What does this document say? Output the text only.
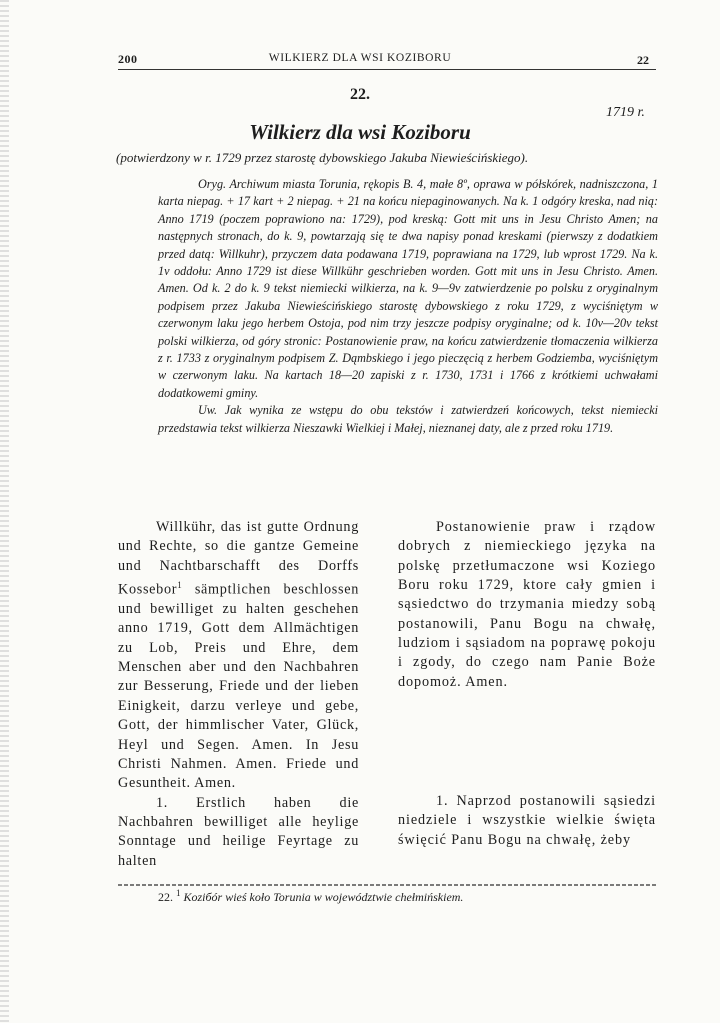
200	WILKIERZ DLA WSI KOZIBORU	22
22.
1719 r.
Wilkierz dla wsi Koziboru
(potwierdzony w r. 1729 przez starostę dybowskiego Jakuba Niewieścińskiego).

Oryg. Archiwum miasta Torunia, rękopis B. 4, małe 8º, oprawa w półskórek, nadniszczona, 1 karta niepag. + 17 kart + 2 niepag. + 21 na końcu niepaginowanych. Na k. 1 odgóry kreska, nad nią: Anno 1719 (poczem poprawiono na: 1729), pod kreską: Gott mit uns in Jesu Christo Amen; na następnych stronach, do k. 9, powtarzają się te dwa napisy ponad kreskami (pierwszy z dodatkiem przed datą: Willkuhr), przyczem data podawana 1719, poprawiana na 1729, lub wprost 1729. Na k. 1v oddołu: Anno 1729 ist diese Willkühr geschrieben worden. Gott mit uns in Jesu Christo. Amen. Amen. Od k. 2 do k. 9 tekst niemiecki wilkierza, na k. 9—9v zatwierdzenie po polsku z oryginalnym podpisem przez Jakuba Niewieścińskiego starostę dybowskiego z roku 1729, z wyciśniętym w czerwonym laku jego herbem Ostoja, pod nim trzy jeszcze podpisy oryginalne; od k. 10v—20v tekst polski wilkierza, od góry stronic: Postanowienie praw, na końcu zatwierdzenie tłomaczenia wilkierza z r. 1733 z oryginalnym podpisem Z. Dąmbskiego i jego pieczęcią z herbem Godziemba, wyciśniętym w czerwonym laku. Na kartach 18—20 zapiski z r. 1730, 1731 i 1766 z krótkiemi uchwałami dodatkowemi gminy.

Uw. Jak wynika ze wstępu do obu tekstów i zatwierdzeń końcowych, tekst niemiecki przedstawia tekst wilkierza Nieszawki Wielkiej i Małej, nieznanej daty, ale z przed roku 1719.

Willkühr, das ist gutte Ordnung und Rechte, so die gantze Gemeine und Nachtbarschafft des Dorffs Kossebor$^1$ sämptlichen beschlossen und bewilliget zu halten geschehen anno 1719, Gott dem Allmächtigen zu Lob, Preis und Ehre, dem Menschen aber und den Nachbahren zur Besserung, Friede und der lieben Einigkeit, darzu verleye und gebe, Gott, der himmlischer Vater, Glück, Heyl und Segen. Amen. In Jesu Christi Nahmen. Amen. Friede und Gesuntheit. Amen.

1. Erstlich haben die Nachbahren bewilliget alle heylige Sonntage und heilige Feyrtage zu halten

Postanowienie praw i rządow dobrych z niemieckiego języka na polskę przetłumaczone wsi Koziego Boru roku 1729, ktore cały gmien i sąsiedctwo do trzymania miedzy sobą postanowili, Panu Bogu na chwałę, ludziom i sąsiadom na poprawę pokoju i zgody, do czego nam Panie Boże dopomoż. Amen.

1. Naprzod postanowili sąsiedzi niedziele i wszystkie wielkie święta święcić Panu Bogu na chwałę, żeby

22. $^1$ Koziбór wieś koło Torunia w województwie chełmińskiem.
